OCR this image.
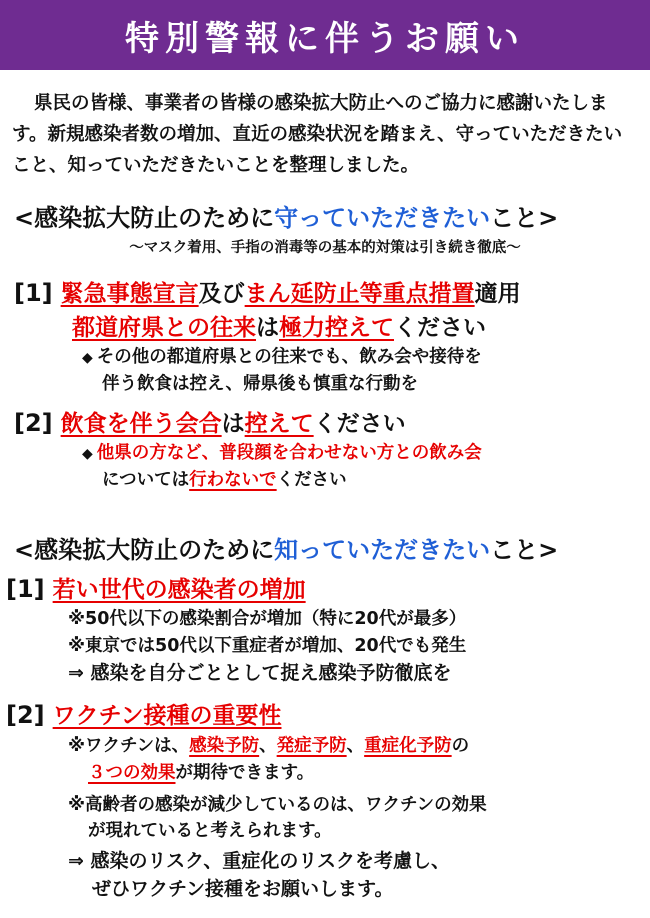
特別警報に伴うお願い
県民の皆様、事業者の皆様の感染拡大防止へのご協力に感謝いたします。新規感染者数の増加、直近の感染状況を踏まえ、守っていただきたいこと、知っていただきたいことを整理しました。
<感染拡大防止のために守っていただきたいこと>
～マスク着用、手指の消毒等の基本的対策は引き続き徹底～
[1] 緊急事態宣言及びまん延防止等重点措置適用
都道府県との往来は極力控えてください
◆ その他の都道府県との往来でも、飲み会や接待を
伴う飲食は控え、帰県後も慎重な行動を
[2] 飲食を伴う会合は控えてください
◆ 他県の方など、普段顔を合わせない方との飲み会
については行わないでください
<感染拡大防止のために知っていただきたいこと>
[1] 若い世代の感染者の増加
※50代以下の感染割合が増加（特に20代が最多）
※東京では50代以下重症者が増加、20代でも発生
⇒ 感染を自分ごととして捉え感染予防徹底を
[2] ワクチン接種の重要性
※ワクチンは、感染予防、発症予防、重症化予防の
３つの効果が期待できます。
※高齢者の感染が減少しているのは、ワクチンの効果
が現れていると考えられます。
⇒ 感染のリスク、重症化のリスクを考慮し、
ぜひワクチン接種をお願いします。
